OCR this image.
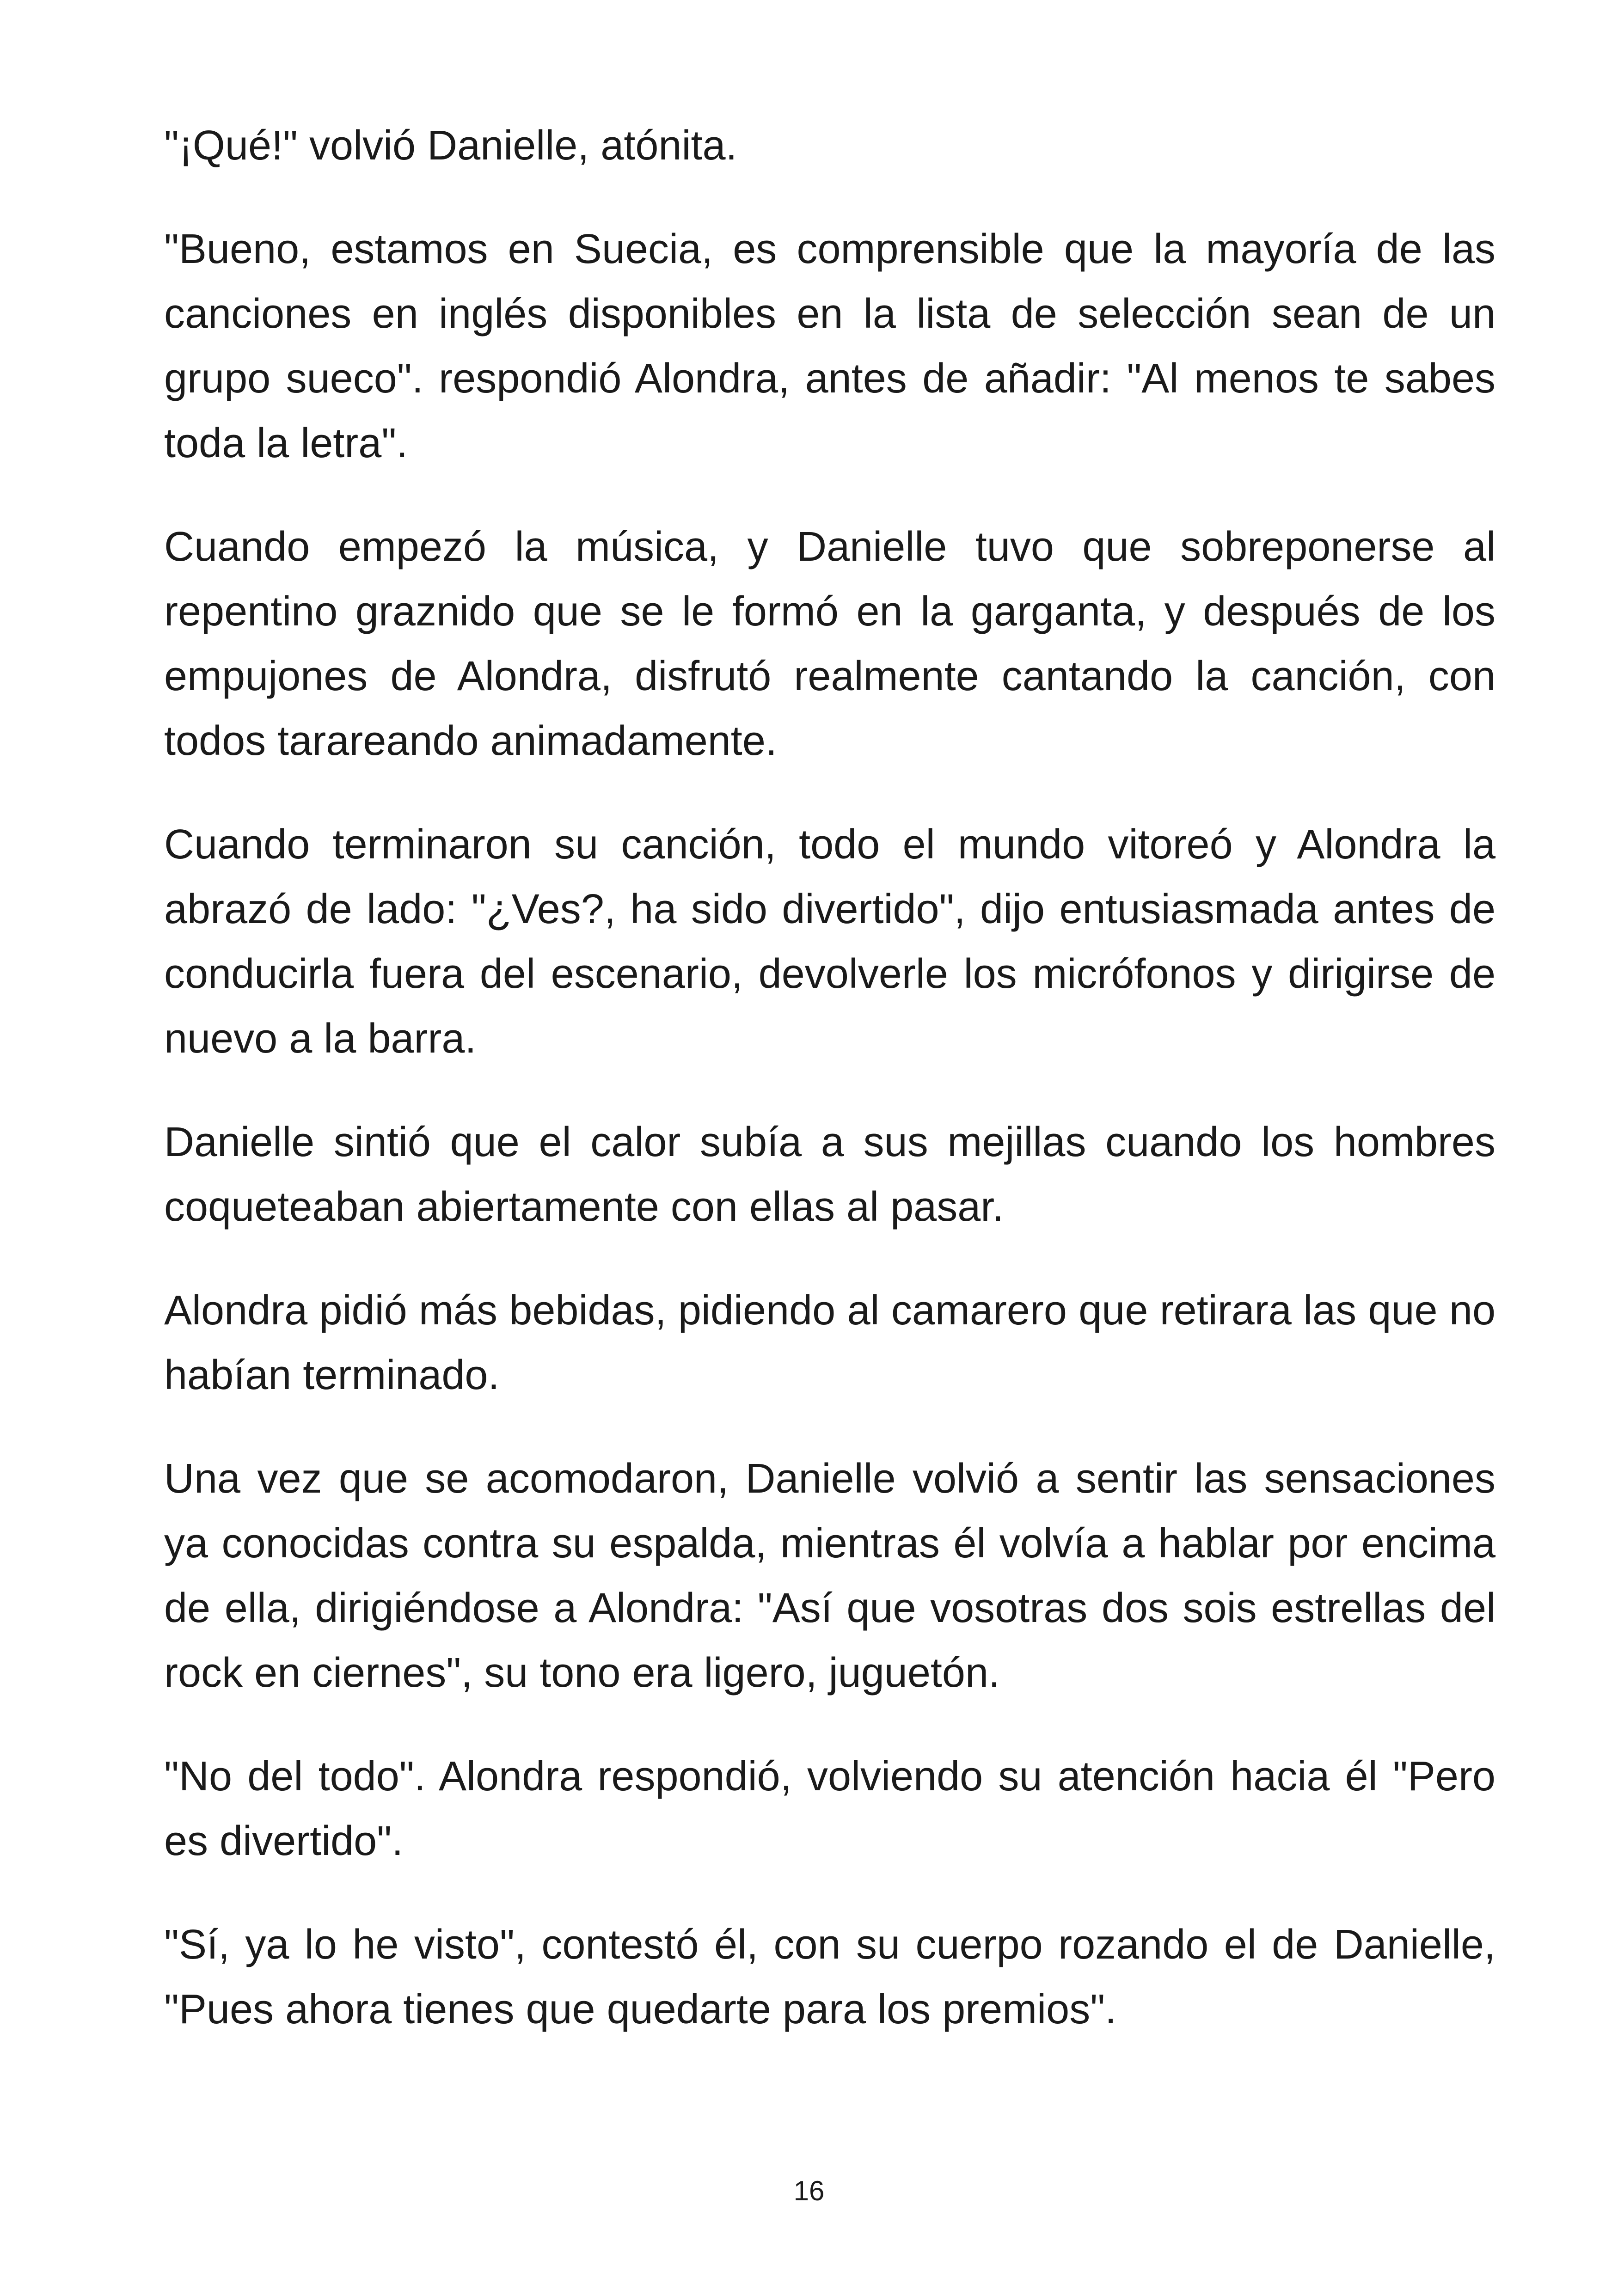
"¡Qué!" volvió Danielle, atónita.

"Bueno, estamos en Suecia, es comprensible que la mayoría de las canciones en inglés disponibles en la lista de selección sean de un grupo sueco". respondió Alondra, antes de añadir: "Al menos te sabes toda la letra".

Cuando empezó la música, y Danielle tuvo que sobreponerse al repentino graznido que se le formó en la garganta, y después de los empujones de Alondra, disfrutó realmente cantando la canción, con todos tarareando animadamente.

Cuando terminaron su canción, todo el mundo vitoreó y Alondra la abrazó de lado: "¿Ves?, ha sido divertido", dijo entusiasmada antes de conducirla fuera del escenario, devolverle los micrófonos y dirigirse de nuevo a la barra.

Danielle sintió que el calor subía a sus mejillas cuando los hombres coqueteaban abiertamente con ellas al pasar.

Alondra pidió más bebidas, pidiendo al camarero que retirara las que no habían terminado.

Una vez que se acomodaron, Danielle volvió a sentir las sensaciones ya conocidas contra su espalda, mientras él volvía a hablar por encima de ella, dirigiéndose a Alondra: "Así que vosotras dos sois estrellas del rock en ciernes", su tono era ligero, juguetón.

"No del todo". Alondra respondió, volviendo su atención hacia él "Pero es divertido".

"Sí, ya lo he visto", contestó él, con su cuerpo rozando el de Danielle, "Pues ahora tienes que quedarte para los premios".

16
